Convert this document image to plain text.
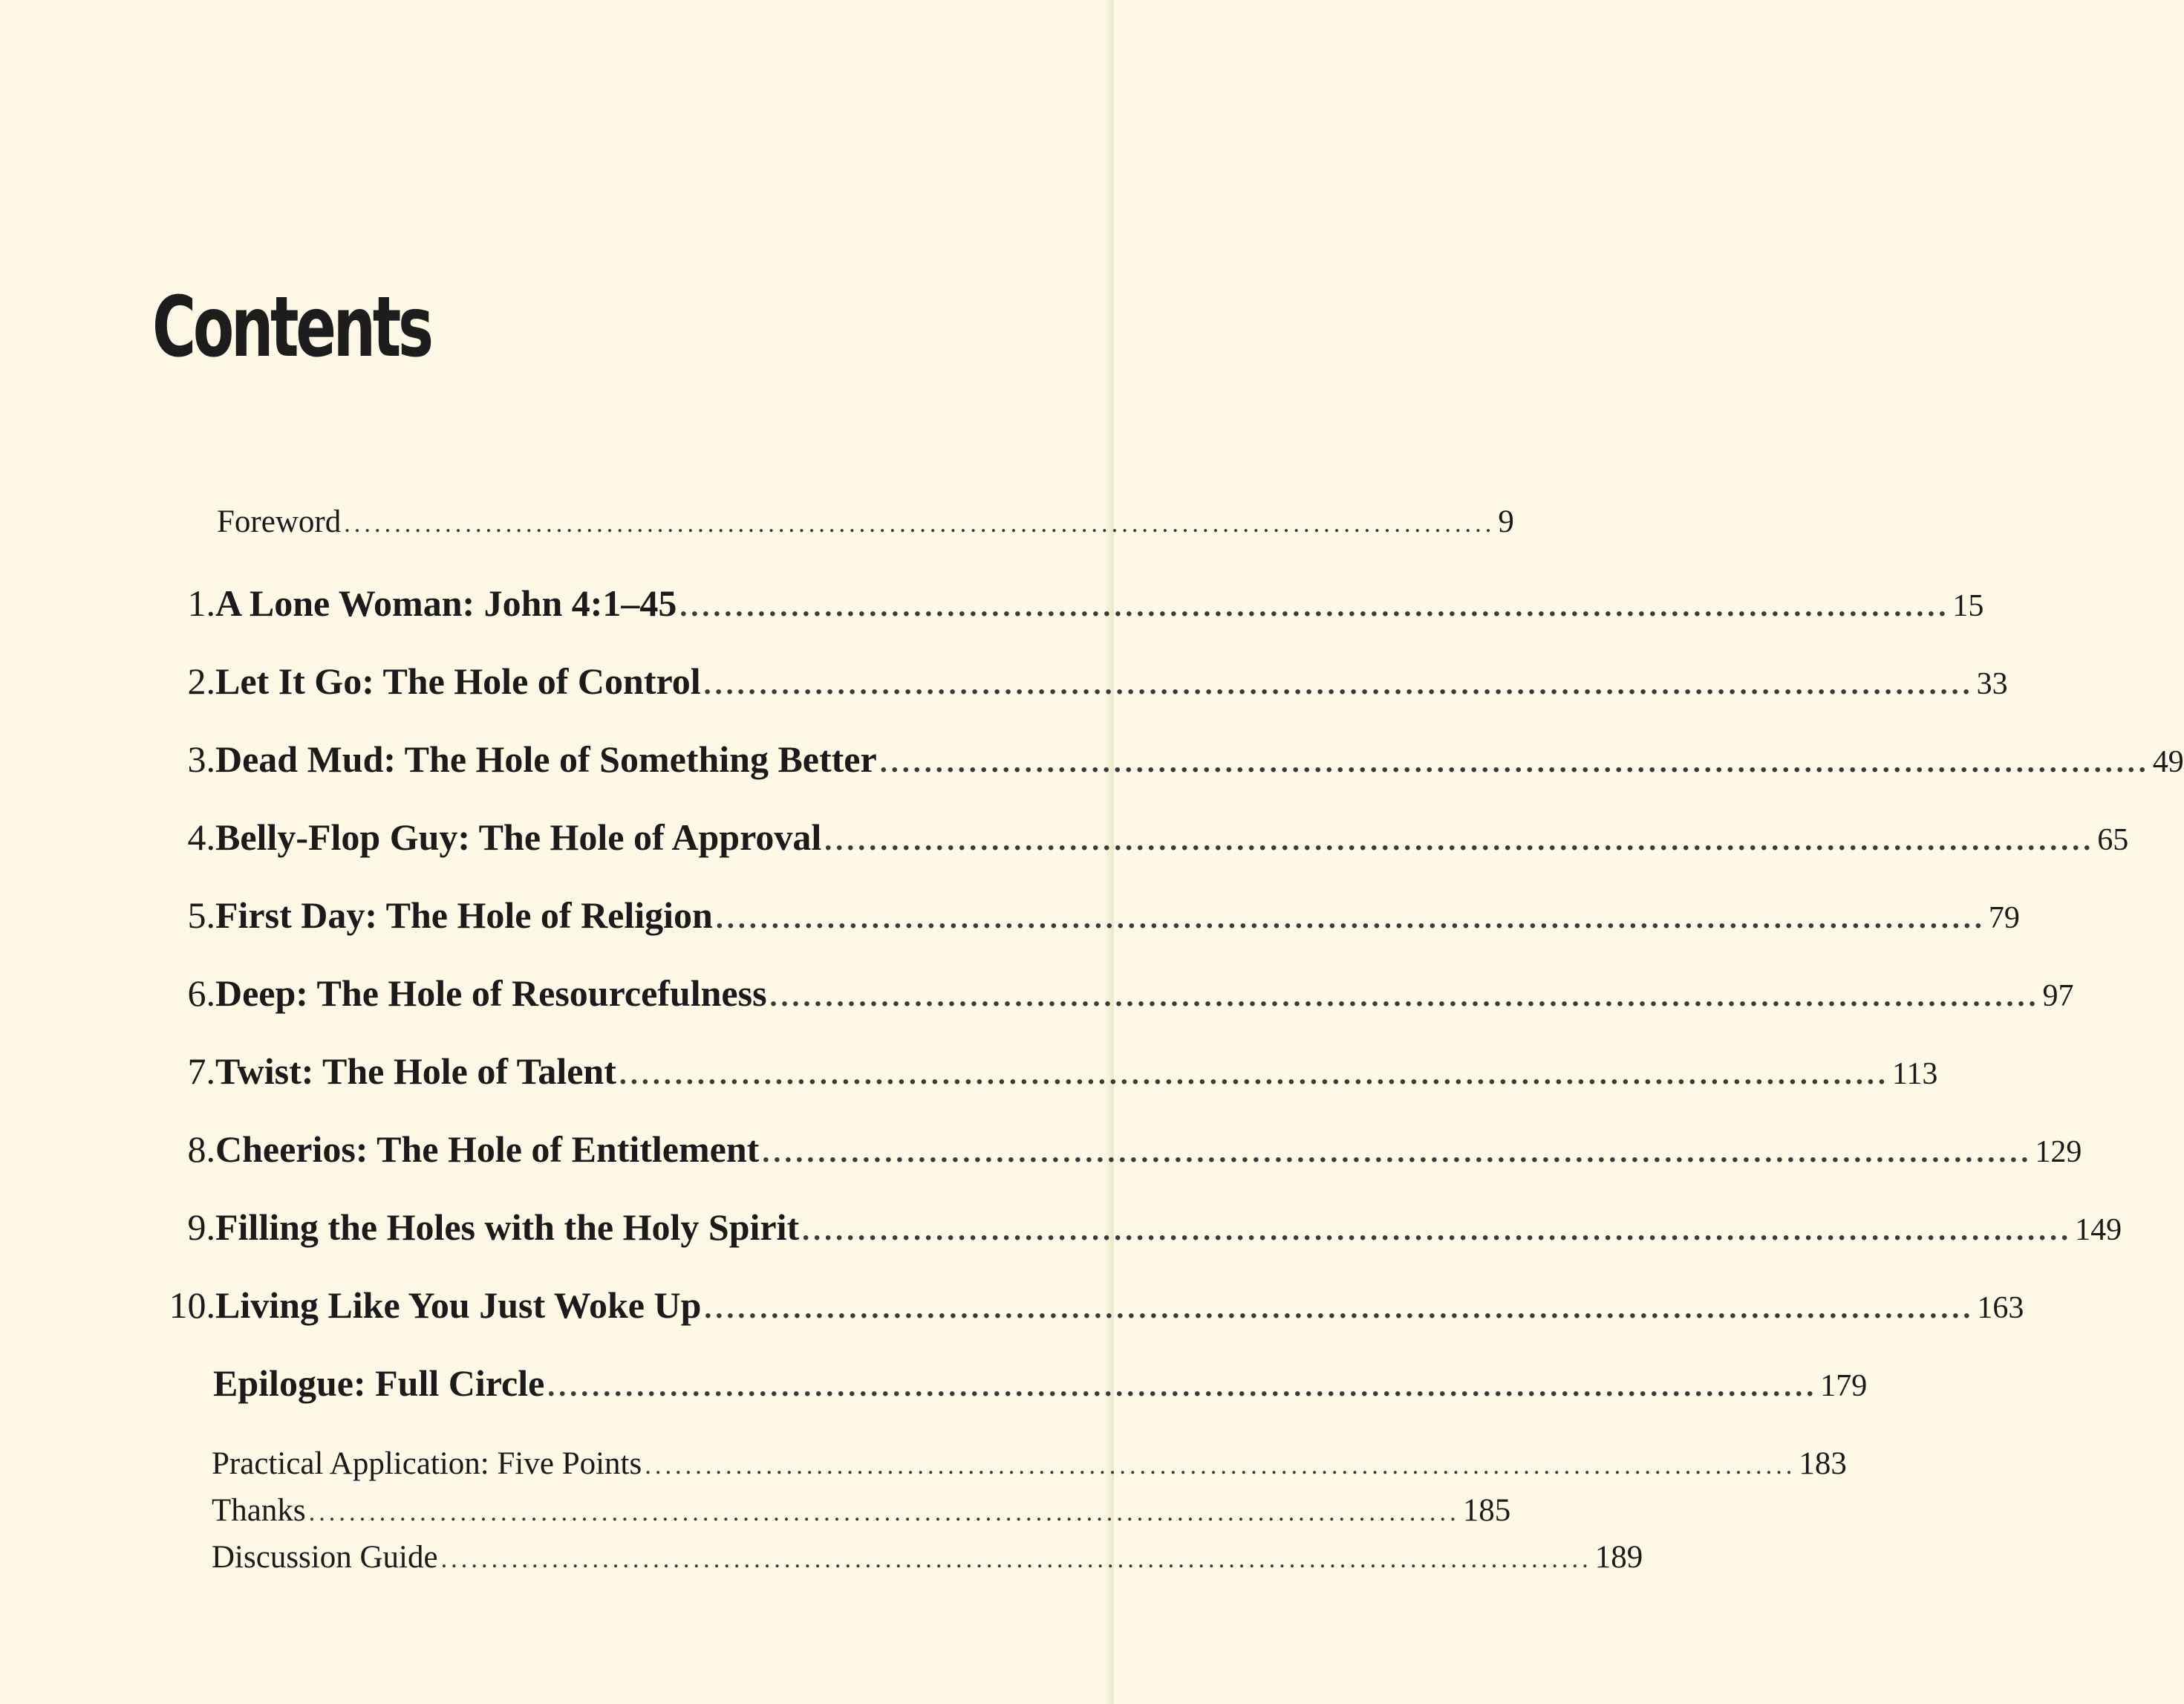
Contents
Foreword .................................................................................................................. 9
1. A Lone Woman: John 4:1–45 .................................................................................................................. 15
2. Let It Go: The Hole of Control .................................................................................................................. 33
3. Dead Mud: The Hole of Something Better .................................................................................................................. 49
4. Belly-Flop Guy: The Hole of Approval .................................................................................................................. 65
5. First Day: The Hole of Religion .................................................................................................................. 79
6. Deep: The Hole of Resourcefulness .................................................................................................................. 97
7. Twist: The Hole of Talent .................................................................................................................. 113
8. Cheerios: The Hole of Entitlement .................................................................................................................. 129
9. Filling the Holes with the Holy Spirit .................................................................................................................. 149
10. Living Like You Just Woke Up .................................................................................................................. 163
Epilogue: Full Circle .................................................................................................................. 179
Practical Application: Five Points .................................................................................................................. 183
Thanks .................................................................................................................. 185
Discussion Guide .................................................................................................................. 189
